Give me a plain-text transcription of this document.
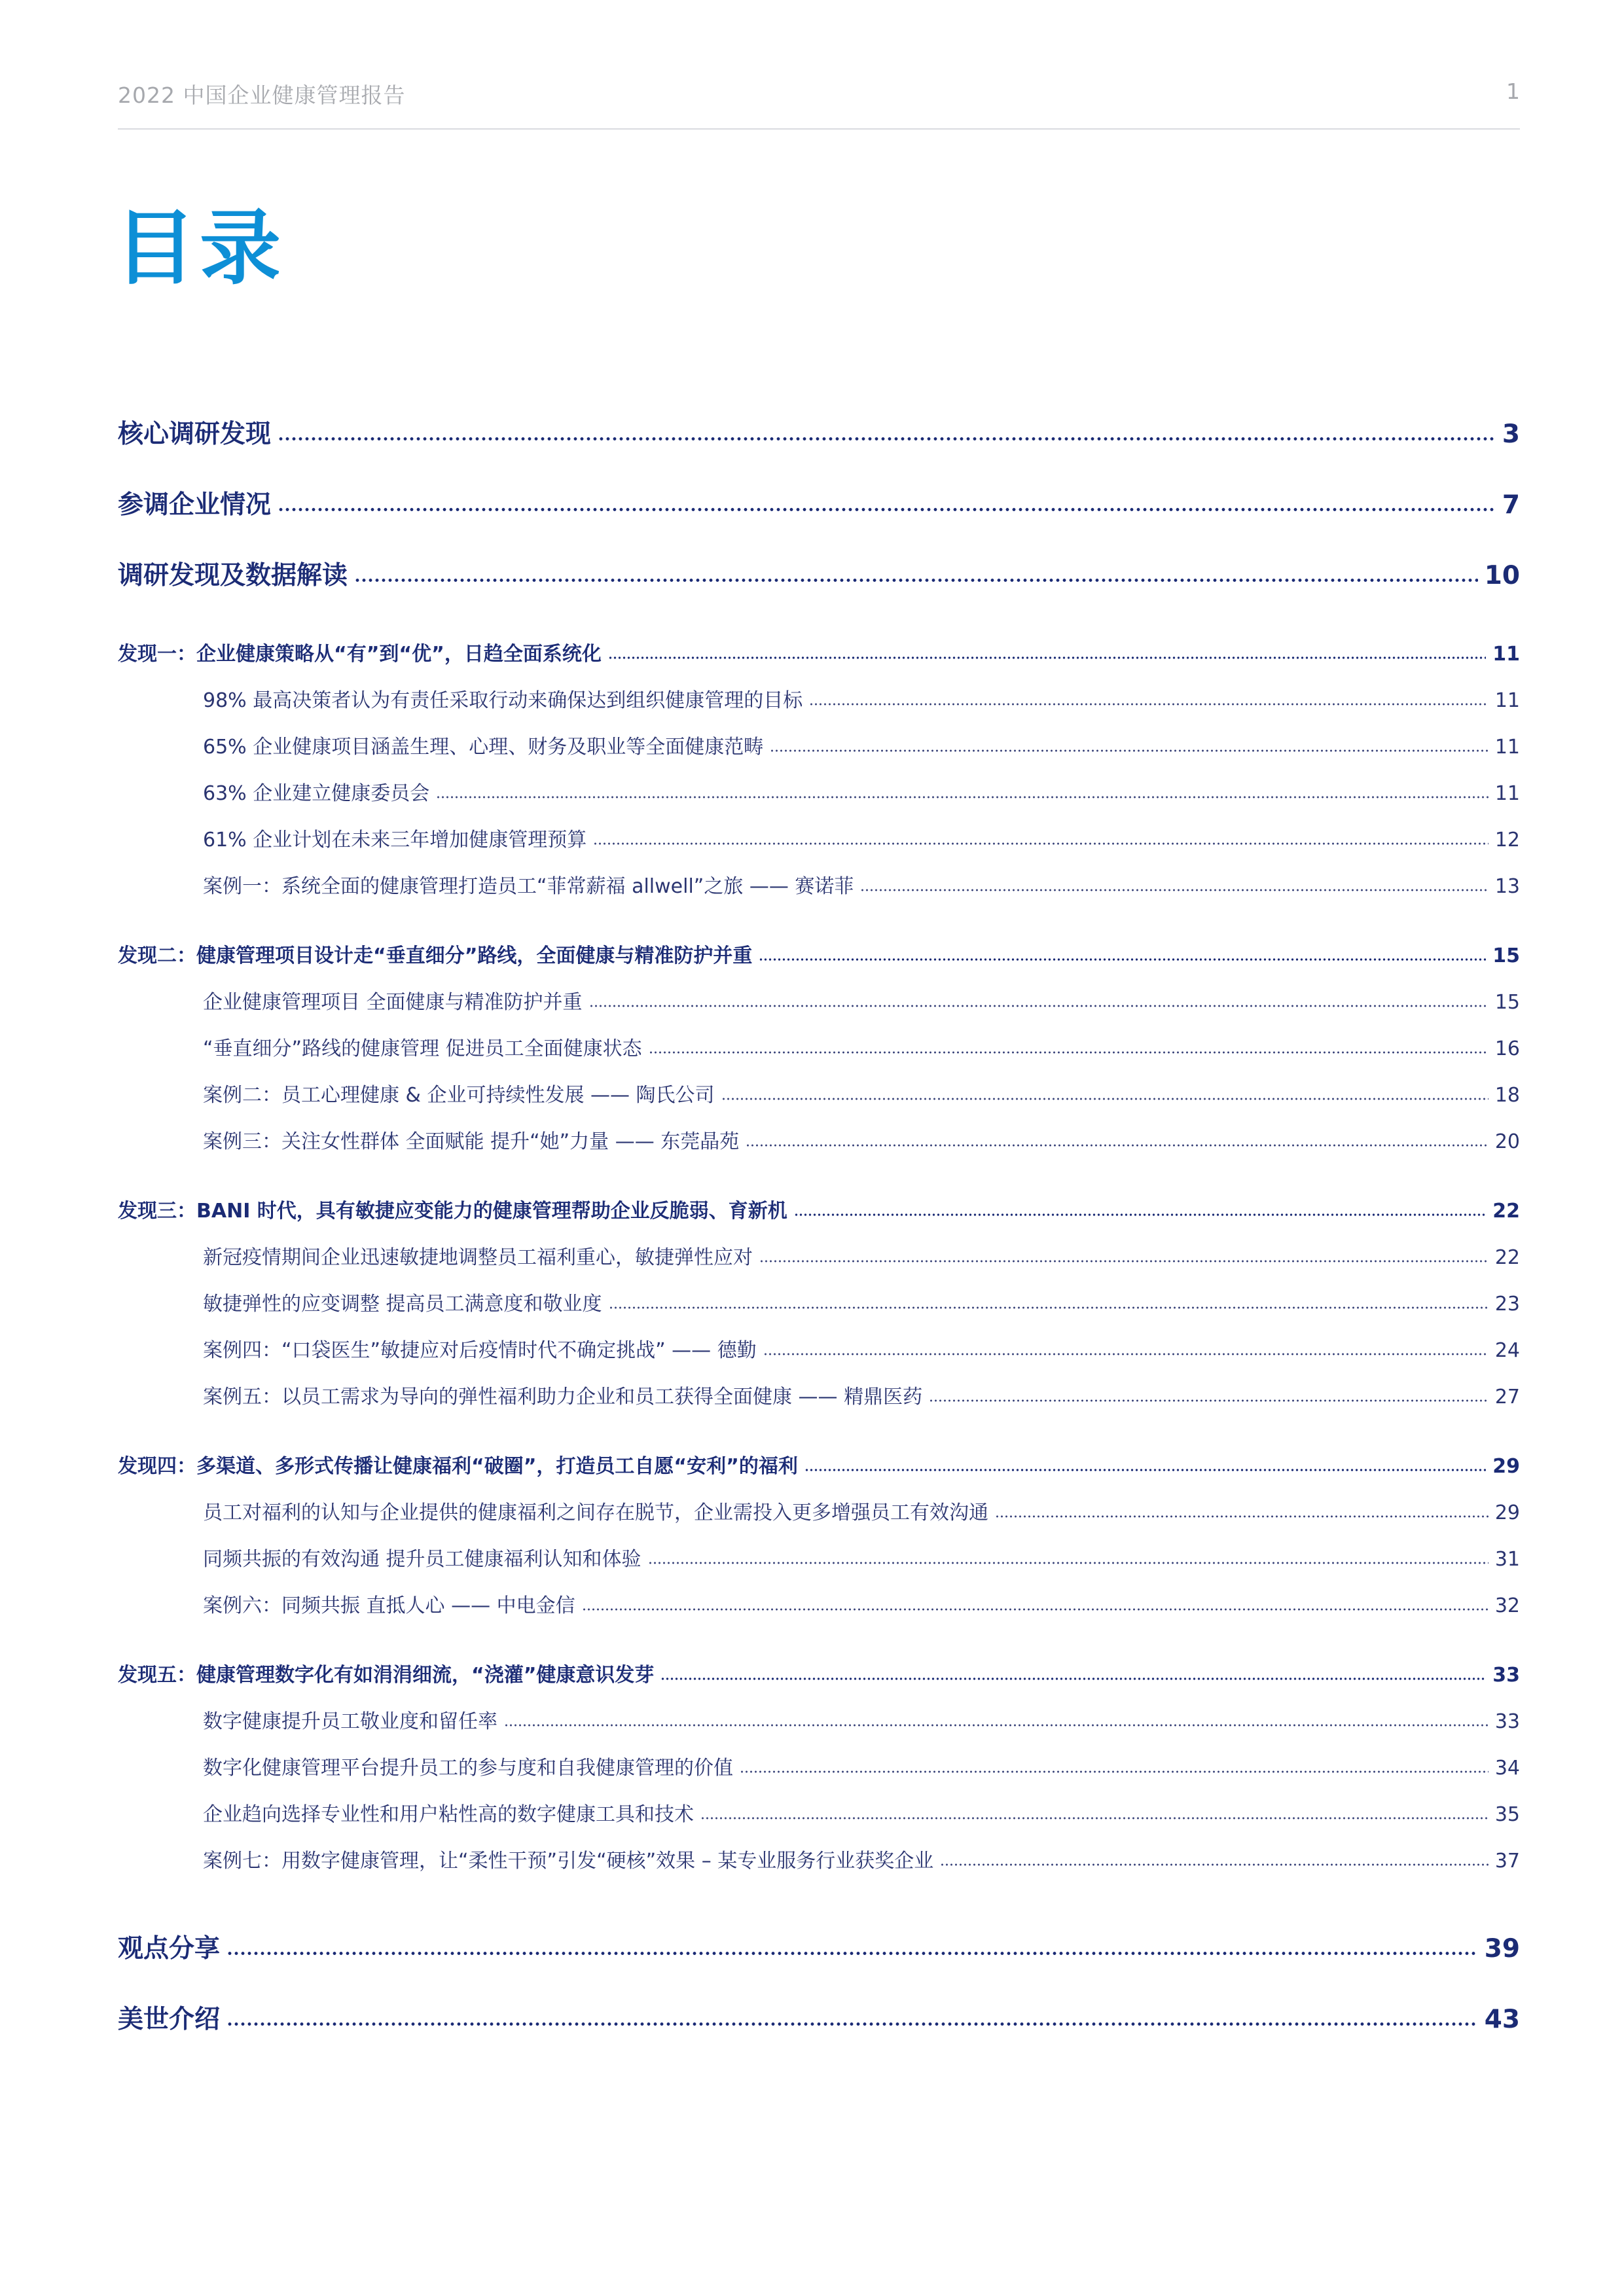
2022 中国企业健康管理报告	1
目录
核心调研发现	3
参调企业情况	7
调研发现及数据解读	10
发现一：企业健康策略从“有”到“优”，日趋全面系统化	11
98% 最高决策者认为有责任采取行动来确保达到组织健康管理的目标	11
65% 企业健康项目涵盖生理、心理、财务及职业等全面健康范畴	11
63% 企业建立健康委员会	11
61% 企业计划在未来三年增加健康管理预算	12
案例一：系统全面的健康管理打造员工“菲常薪福 allwell”之旅 —— 赛诺菲	13
发现二：健康管理项目设计走“垂直细分”路线，全面健康与精准防护并重	15
企业健康管理项目 全面健康与精准防护并重	15
“垂直细分”路线的健康管理 促进员工全面健康状态	16
案例二：员工心理健康 & 企业可持续性发展 —— 陶氏公司	18
案例三：关注女性群体 全面赋能 提升“她”力量 —— 东莞晶苑	20
发现三：BANI 时代，具有敏捷应变能力的健康管理帮助企业反脆弱、育新机	22
新冠疫情期间企业迅速敏捷地调整员工福利重心，敏捷弹性应对	22
敏捷弹性的应变调整 提高员工满意度和敬业度	23
案例四：“口袋医生”敏捷应对后疫情时代不确定挑战” —— 德勤	24
案例五：以员工需求为导向的弹性福利助力企业和员工获得全面健康 —— 精鼎医药	27
发现四：多渠道、多形式传播让健康福利“破圈”，打造员工自愿“安利”的福利	29
员工对福利的认知与企业提供的健康福利之间存在脱节，企业需投入更多增强员工有效沟通	29
同频共振的有效沟通 提升员工健康福利认知和体验	31
案例六：同频共振 直抵人心 —— 中电金信	32
发现五：健康管理数字化有如涓涓细流，“浇灌”健康意识发芽	33
数字健康提升员工敬业度和留任率	33
数字化健康管理平台提升员工的参与度和自我健康管理的价值	34
企业趋向选择专业性和用户粘性高的数字健康工具和技术	35
案例七：用数字健康管理，让“柔性干预”引发“硬核”效果 – 某专业服务行业获奖企业	37
观点分享	39
美世介绍	43
